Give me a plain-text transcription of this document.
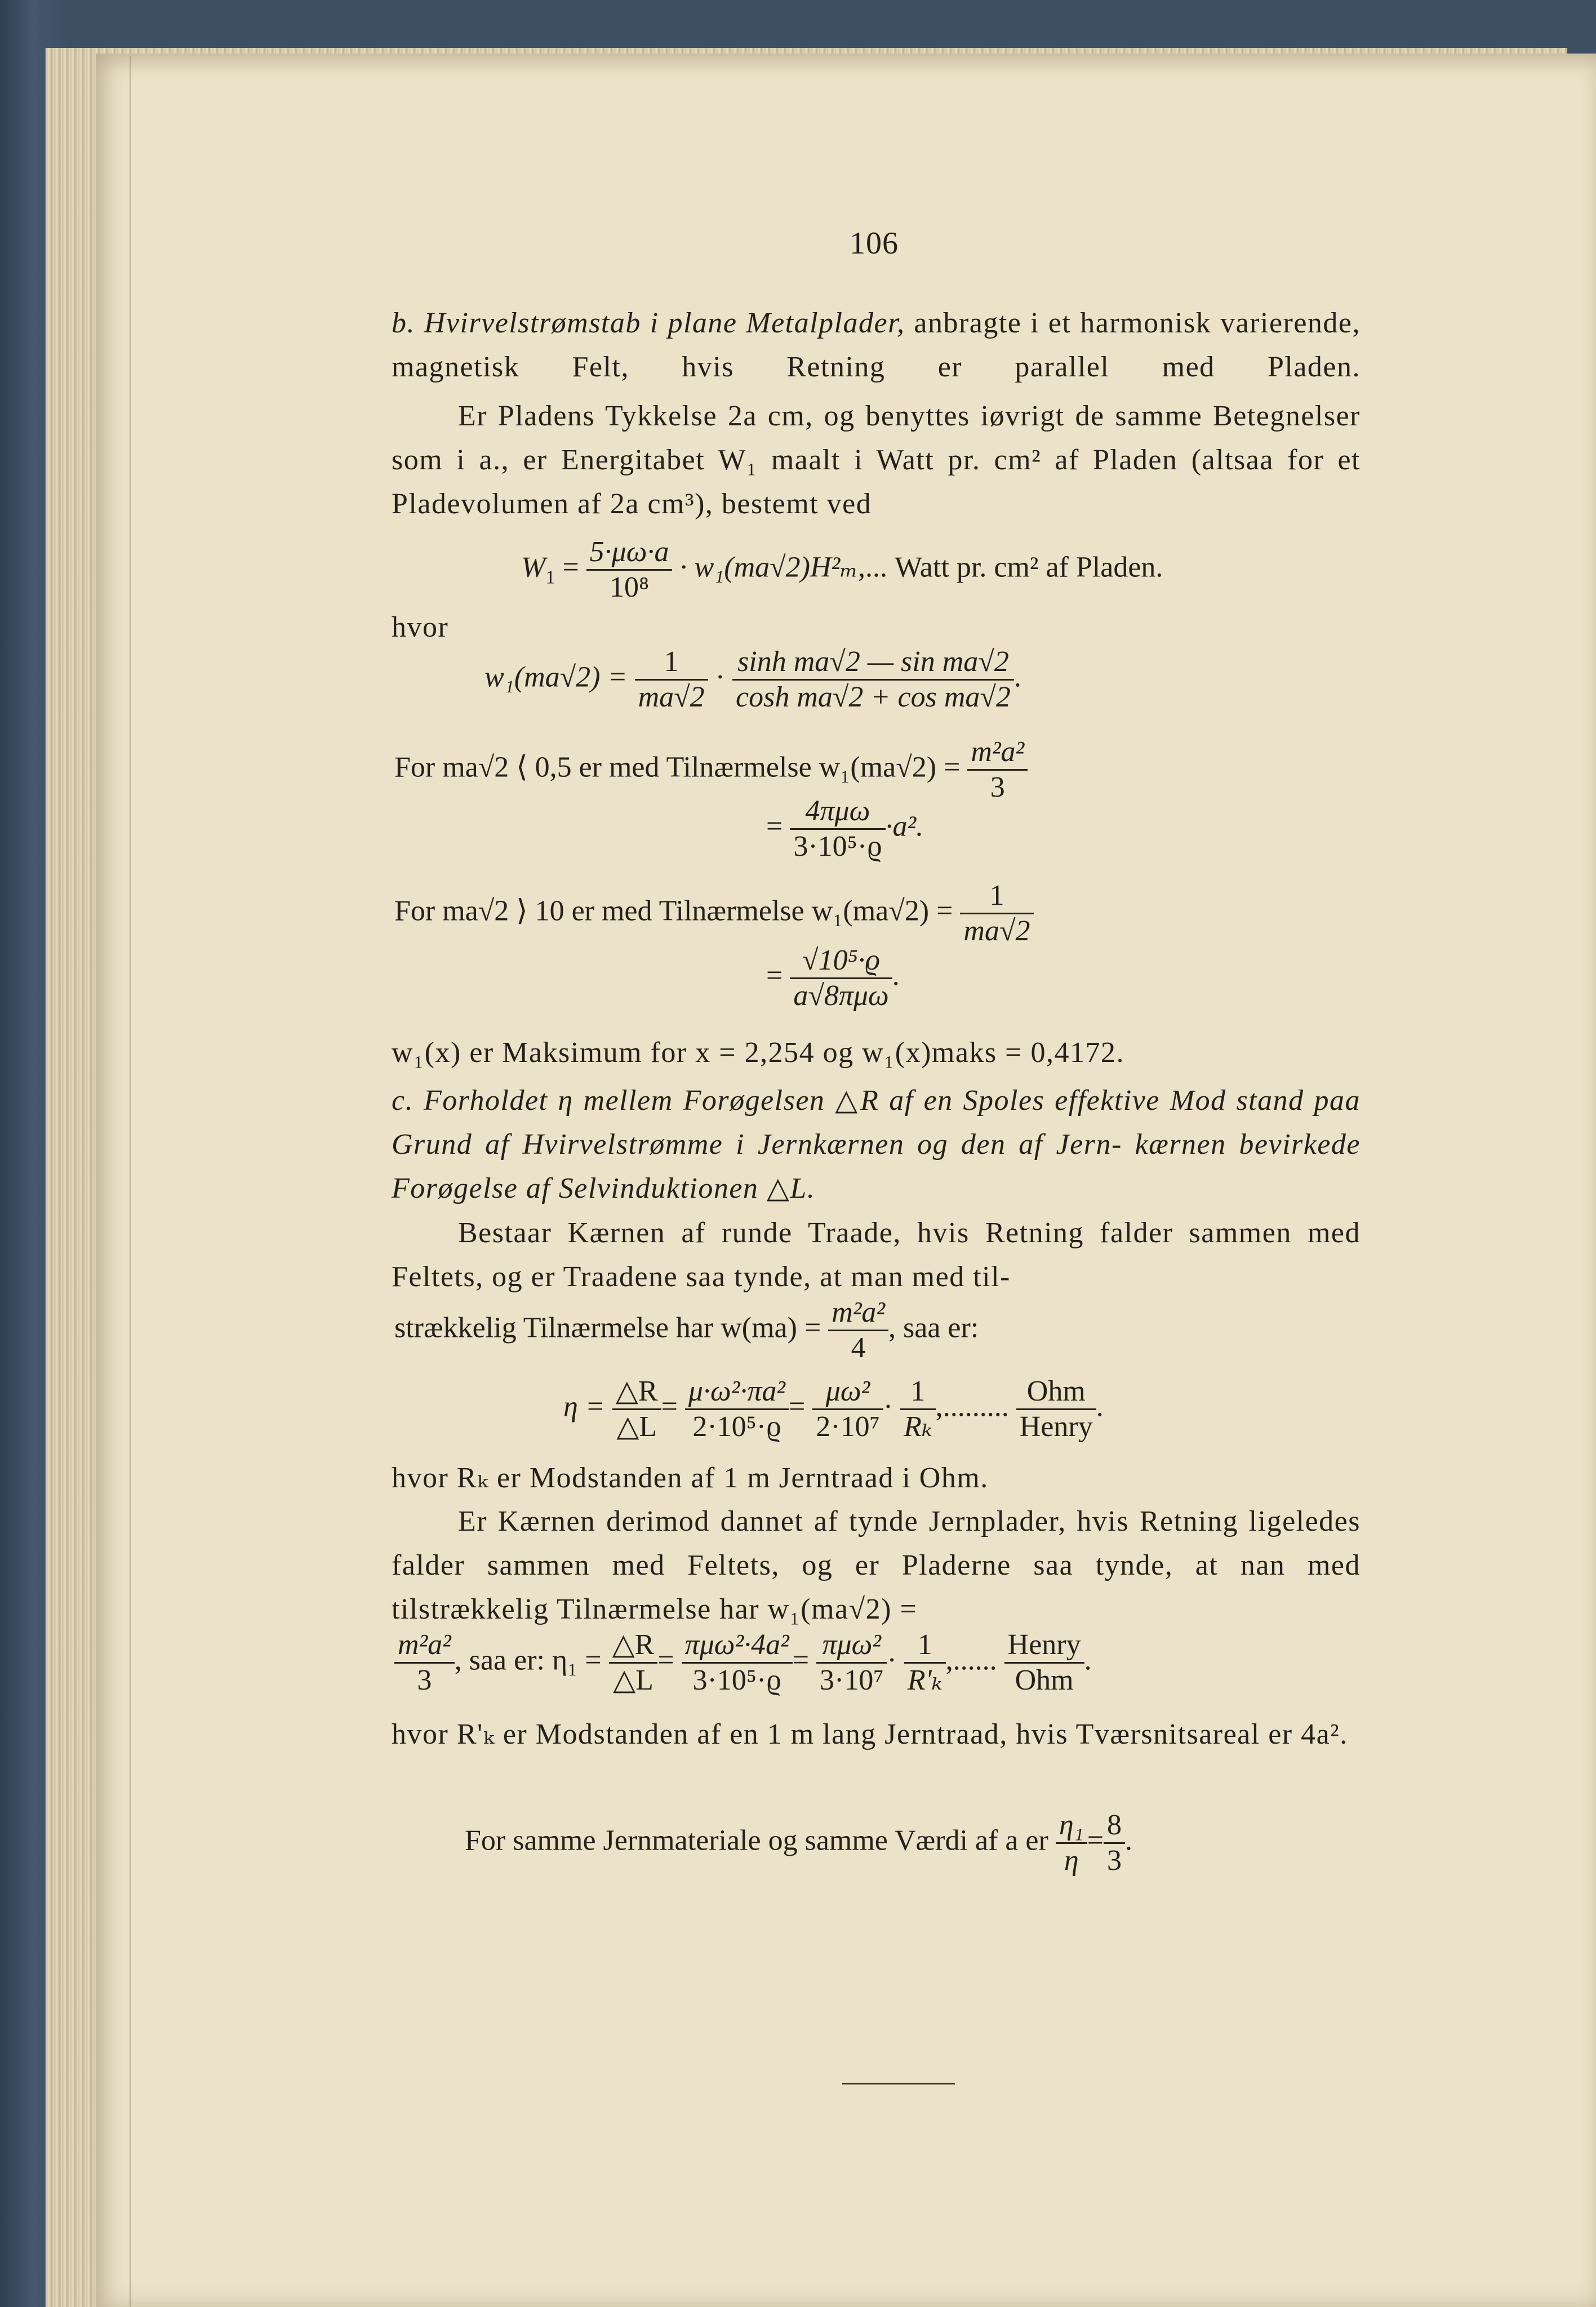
106
b. Hvirvelstrømstab i plane Metalplader, anbragte i et harmonisk varierende, magnetisk Felt, hvis Retning er parallel med Pladen.
Er Pladens Tykkelse 2a cm, og benyttes iøvrigt de samme Betegnelser som i a., er Energitabet W₁ maalt i Watt pr. cm² af Pladen (altsaa for et Pladevolumen af 2a cm³), bestemt ved
$W_1 = \frac{5\cdot\mu\omega\cdot a}{\text{10⁸}} \cdot w_1(ma√2)H^2_m$,... Watt pr. cm² af Pladen.
hvor
$w_1(ma√2) = \frac{1}{ma√2} \cdot \frac{\text{sinh ma√2 — sin ma√2}}{\text{cosh ma√2 + cos ma√2}}$ .
For ma√2 ⟨ 0,5 er med Tilnærmelse $w_1(ma√2) = \frac{\text{m²a²}}{3}$
= $\frac{\text{4πμω}}{\text{3·10⁵·ϱ}} \cdot a^2$.
For ma√2 ⟩ 10 er med Tilnærmelse $w_1(ma√2) = \frac{1}{ma√2}$
= $\frac{\text{√10⁵·ϱ}}{\text{a√8πμω}}$ .
w₁(x) er Maksimum for x = 2,254 og w₁(x)maks = 0,4172.
c. Forholdet η mellem Forøgelsen △R af en Spoles effektive Mod stand paa Grund af Hvirvelstrømme i Jernkærnen og den af Jern- kærnen bevirkede Forøgelse af Selvinduktionen △L.
Bestaar Kærnen af runde Traade, hvis Retning falder sammen med Feltets, og er Traadene saa tynde, at man med til-
strækkelig Tilnærmelse har $w(ma) = \frac{\text{m²a²}}{4}$ , saa er:
$\eta = \frac{\triangle R}{\triangle L} = \frac{\text{μ·ω²·πa²}}{\text{2·10⁵·ϱ}} = \frac{\text{μω²}}{\text{2·10⁷}} \cdot \frac{1}{\text{Rₖ}}$ ,......... $\frac{\text{Ohm}}{\text{Henry}}$ .
hvor Rₖ er Modstanden af 1 m Jerntraad i Ohm.
Er Kærnen derimod dannet af tynde Jernplader, hvis Retning ligeledes falder sammen med Feltets, og er Pladerne saa tynde, at nan med tilstrækkelig Tilnærmelse har w₁(ma√2) =
$\frac{\text{m²a²}}{3}$ , saa er: $\eta_1 = \frac{\triangle R}{\triangle L} = \frac{\text{πμω²·4a²}}{\text{3·10⁵·ϱ}} = \frac{\text{πμω²}}{\text{3·10⁷}} \cdot \frac{1}{\text{R'ₖ}}$ ,...... $\frac{\text{Henry}}{\text{Ohm}}$ .
hvor R'ₖ er Modstanden af en 1 m lang Jerntraad, hvis Tværsnitsareal er 4a².
For samme Jernmateriale og samme Værdi af a er $\frac{\text{η₁}}{\eta} = \frac{8}{3}$ .
